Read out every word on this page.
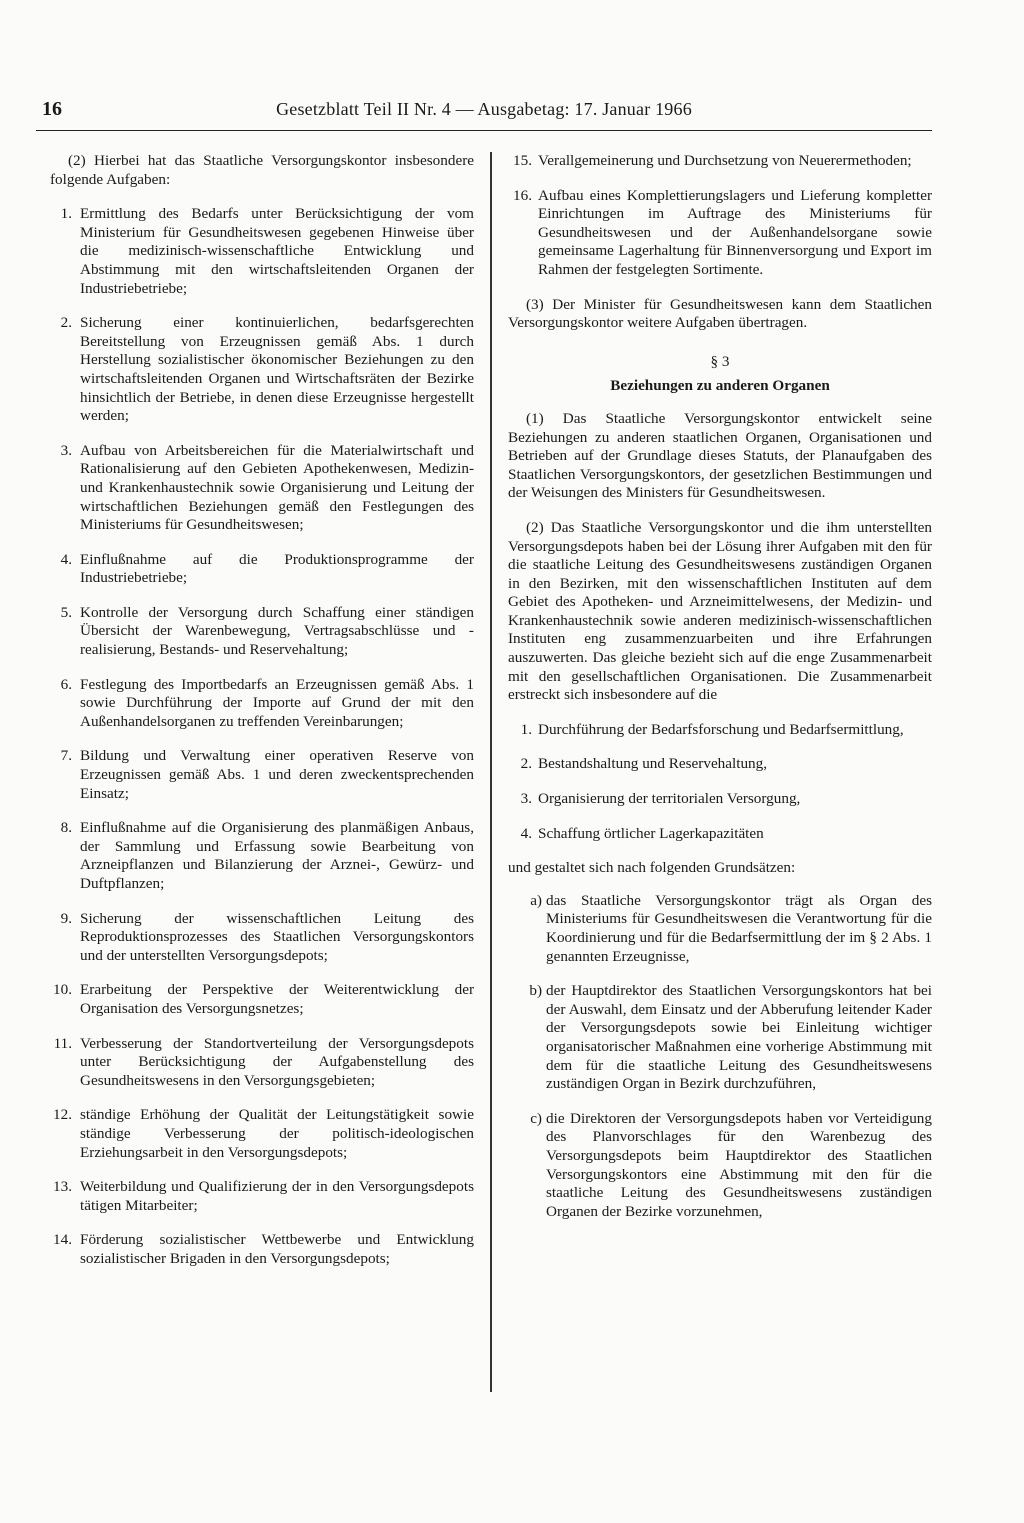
16	Gesetzblatt Teil II Nr. 4 — Ausgabetag: 17. Januar 1966

(2) Hierbei hat das Staatliche Versorgungskontor insbesondere folgende Aufgaben:

1. Ermittlung des Bedarfs unter Berücksichtigung der vom Ministerium für Gesundheitswesen gegebenen Hinweise über die medizinisch-wissenschaftliche Entwicklung und Abstimmung mit den wirtschaftsleitenden Organen der Industriebetriebe;
2. Sicherung einer kontinuierlichen, bedarfsgerechten Bereitstellung von Erzeugnissen gemäß Abs. 1 durch Herstellung sozialistischer ökonomischer Beziehungen zu den wirtschaftsleitenden Organen und Wirtschaftsräten der Bezirke hinsichtlich der Betriebe, in denen diese Erzeugnisse hergestellt werden;
3. Aufbau von Arbeitsbereichen für die Materialwirtschaft und Rationalisierung auf den Gebieten Apothekenwesen, Medizin- und Krankenhaustechnik sowie Organisierung und Leitung der wirtschaftlichen Beziehungen gemäß den Festlegungen des Ministeriums für Gesundheitswesen;
4. Einflußnahme auf die Produktionsprogramme der Industriebetriebe;
5. Kontrolle der Versorgung durch Schaffung einer ständigen Übersicht der Warenbewegung, Vertragsabschlüsse und -realisierung, Bestands- und Reservehaltung;
6. Festlegung des Importbedarfs an Erzeugnissen gemäß Abs. 1 sowie Durchführung der Importe auf Grund der mit den Außenhandelsorganen zu treffenden Vereinbarungen;
7. Bildung und Verwaltung einer operativen Reserve von Erzeugnissen gemäß Abs. 1 und deren zweckentsprechenden Einsatz;
8. Einflußnahme auf die Organisierung des planmäßigen Anbaus, der Sammlung und Erfassung sowie Bearbeitung von Arzneipflanzen und Bilanzierung der Arznei-, Gewürz- und Duftpflanzen;
9. Sicherung der wissenschaftlichen Leitung des Reproduktionsprozesses des Staatlichen Versorgungskontors und der unterstellten Versorgungsdepots;
10. Erarbeitung der Perspektive der Weiterentwicklung der Organisation des Versorgungsnetzes;
11. Verbesserung der Standortverteilung der Versorgungsdepots unter Berücksichtigung der Aufgabenstellung des Gesundheitswesens in den Versorgungsgebieten;
12. ständige Erhöhung der Qualität der Leitungstätigkeit sowie ständige Verbesserung der politisch-ideologischen Erziehungsarbeit in den Versorgungsdepots;
13. Weiterbildung und Qualifizierung der in den Versorgungsdepots tätigen Mitarbeiter;
14. Förderung sozialistischer Wettbewerbe und Entwicklung sozialistischer Brigaden in den Versorgungsdepots;
15. Verallgemeinerung und Durchsetzung von Neuerermethoden;
16. Aufbau eines Komplettierungslagers und Lieferung kompletter Einrichtungen im Auftrage des Ministeriums für Gesundheitswesen und der Außenhandelsorgane sowie gemeinsame Lagerhaltung für Binnenversorgung und Export im Rahmen der festgelegten Sortimente.

(3) Der Minister für Gesundheitswesen kann dem Staatlichen Versorgungskontor weitere Aufgaben übertragen.

§ 3
Beziehungen zu anderen Organen

(1) Das Staatliche Versorgungskontor entwickelt seine Beziehungen zu anderen staatlichen Organen, Organisationen und Betrieben auf der Grundlage dieses Statuts, der Planaufgaben des Staatlichen Versorgungskontors, der gesetzlichen Bestimmungen und der Weisungen des Ministers für Gesundheitswesen.

(2) Das Staatliche Versorgungskontor und die ihm unterstellten Versorgungsdepots haben bei der Lösung ihrer Aufgaben mit den für die staatliche Leitung des Gesundheitswesens zuständigen Organen in den Bezirken, mit den wissenschaftlichen Instituten auf dem Gebiet des Apotheken- und Arzneimittelwesens, der Medizin- und Krankenhaustechnik sowie anderen medizinisch-wissenschaftlichen Instituten eng zusammenzuarbeiten und ihre Erfahrungen auszuwerten. Das gleiche bezieht sich auf die enge Zusammenarbeit mit den gesellschaftlichen Organisationen. Die Zusammenarbeit erstreckt sich insbesondere auf die

1. Durchführung der Bedarfsforschung und Bedarfsermittlung,
2. Bestandshaltung und Reservehaltung,
3. Organisierung der territorialen Versorgung,
4. Schaffung örtlicher Lagerkapazitäten

und gestaltet sich nach folgenden Grundsätzen:

a) das Staatliche Versorgungskontor trägt als Organ des Ministeriums für Gesundheitswesen die Verantwortung für die Koordinierung und für die Bedarfsermittlung der im § 2 Abs. 1 genannten Erzeugnisse,
b) der Hauptdirektor des Staatlichen Versorgungskontors hat bei der Auswahl, dem Einsatz und der Abberufung leitender Kader der Versorgungsdepots sowie bei Einleitung wichtiger organisatorischer Maßnahmen eine vorherige Abstimmung mit dem für die staatliche Leitung des Gesundheitswesens zuständigen Organ in Bezirk durchzuführen,
c) die Direktoren der Versorgungsdepots haben vor Verteidigung des Planvorschlages für den Warenbezug des Versorgungsdepots beim Hauptdirektor des Staatlichen Versorgungskontors eine Abstimmung mit den für die staatliche Leitung des Gesundheitswesens zuständigen Organen der Bezirke vorzunehmen,
